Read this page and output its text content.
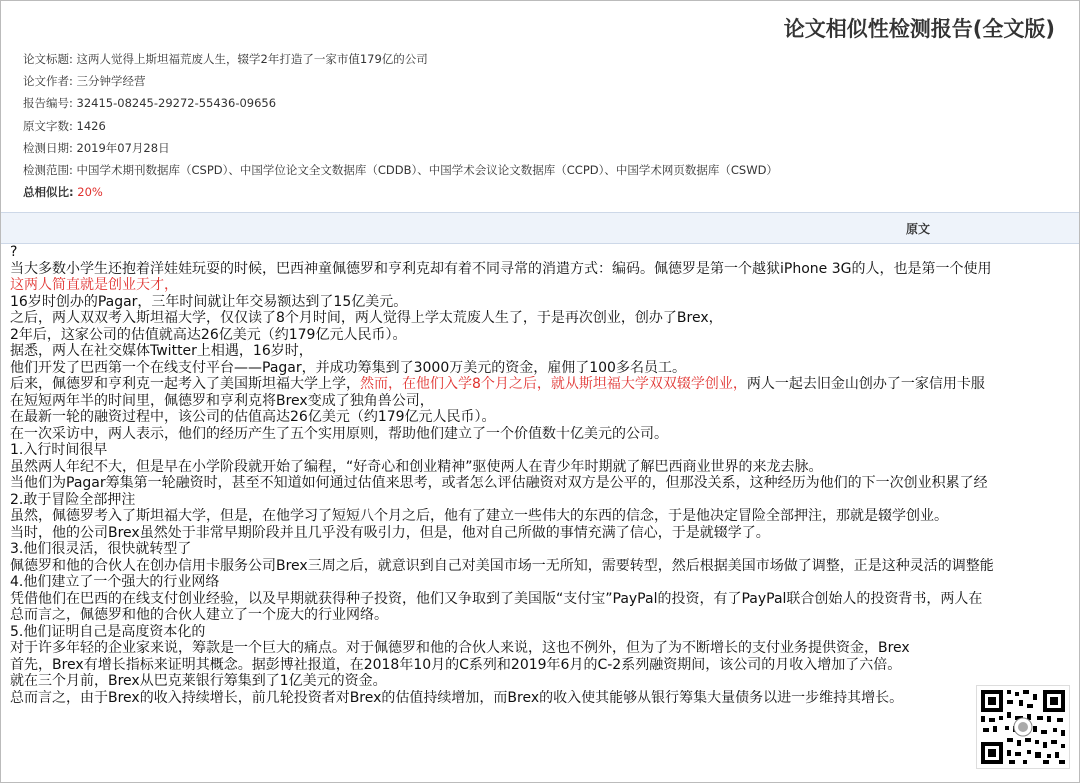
论文相似性检测报告(全文版)
论文标题: 这两人觉得上斯坦福荒废人生，辍学2年打造了一家市值179亿的公司
论文作者: 三分钟学经营
报告编号: 32415-08245-29272-55436-09656
原文字数: 1426
检测日期: 2019年07月28日
检测范围: 中国学术期刊数据库（CSPD）、中国学位论文全文数据库（CDDB）、中国学术会议论文数据库（CCPD）、中国学术网页数据库（CSWD）
总相似比: 20%
原文
?
当大多数小学生还抱着洋娃娃玩耍的时候，巴西神童佩德罗和亨利克却有着不同寻常的消遣方式：编码。佩德罗是第一个越狱iPhone 3G的人，也是第一个使用
这两人简直就是创业天才，
16岁时创办的Pagar，三年时间就让年交易额达到了15亿美元。
之后，两人双双考入斯坦福大学，仅仅读了8个月时间，两人觉得上学太荒废人生了，于是再次创业，创办了Brex，
2年后，这家公司的估值就高达26亿美元（约179亿元人民币）。
据悉，两人在社交媒体Twitter上相遇，16岁时，
他们开发了巴西第一个在线支付平台——Pagar，并成功筹集到了3000万美元的资金，雇佣了100多名员工。
后来，佩德罗和亨利克一起考入了美国斯坦福大学上学，然而，在他们入学8个月之后，就从斯坦福大学双双辍学创业，两人一起去旧金山创办了一家信用卡服
在短短两年半的时间里，佩德罗和亨利克将Brex变成了独角兽公司，
在最新一轮的融资过程中，该公司的估值高达26亿美元（约179亿元人民币）。
在一次采访中，两人表示，他们的经历产生了五个实用原则，帮助他们建立了一个价值数十亿美元的公司。
1.入行时间很早
虽然两人年纪不大，但是早在小学阶段就开始了编程，“好奇心和创业精神”驱使两人在青少年时期就了解巴西商业世界的来龙去脉。
当他们为Pagar筹集第一轮融资时，甚至不知道如何通过估值来思考，或者怎么评估融资对双方是公平的，但那没关系，这种经历为他们的下一次创业积累了经
2.敢于冒险全部押注
虽然，佩德罗考入了斯坦福大学，但是，在他学习了短短八个月之后，他有了建立一些伟大的东西的信念，于是他决定冒险全部押注，那就是辍学创业。
当时，他的公司Brex虽然处于非常早期阶段并且几乎没有吸引力，但是，他对自己所做的事情充满了信心，于是就辍学了。
3.他们很灵活，很快就转型了
佩德罗和他的合伙人在创办信用卡服务公司Brex三周之后，就意识到自己对美国市场一无所知，需要转型，然后根据美国市场做了调整，正是这种灵活的调整能
4.他们建立了一个强大的行业网络
凭借他们在巴西的在线支付创业经验，以及早期就获得种子投资，他们又争取到了美国版“支付宝”PayPal的投资，有了PayPal联合创始人的投资背书，两人在
总而言之，佩德罗和他的合伙人建立了一个庞大的行业网络。
5.他们证明自己是高度资本化的
对于许多年轻的企业家来说，筹款是一个巨大的痛点。对于佩德罗和他的合伙人来说，这也不例外，但为了为不断增长的支付业务提供资金，Brex
首先，Brex有增长指标来证明其概念。据彭博社报道，在2018年10月的C系列和2019年6月的C-2系列融资期间，该公司的月收入增加了六倍。
就在三个月前，Brex从巴克莱银行筹集到了1亿美元的资金。
总而言之，由于Brex的收入持续增长，前几轮投资者对Brex的估值持续增加，而Brex的收入使其能够从银行筹集大量债务以进一步维持其增长。
